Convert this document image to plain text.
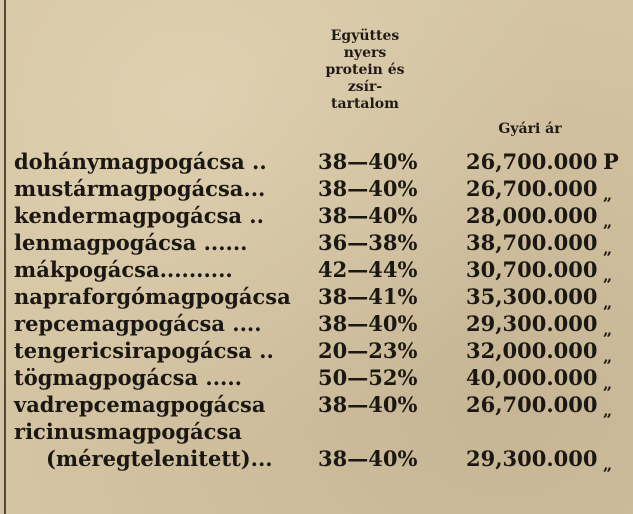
Együttes
nyers
protein és
zsír-
tartalom
Gyári ár
dohánymagpogácsa .. 38—40% 26,700.000 P
mustármagpogácsa...	38—40% 26,700.000 „
kendermagpogácsa ..	38—40% 28,000.000 „
lenmagpogácsa ......	36—38% 38,700.000 „
mákpogácsa..........	42—44% 30,700.000 „
napraforgómagpogácsa 38—41% 35,300.000 „
repcemagpogácsa ....	38—40% 29,300.000 „
tengericsirapogácsa .. 20—23% 32,000.000 „
tögmagpogácsa .....	50—52% 40,000.000 „
vadrepcemagpogácsa	38—40% 26,700.000 „
ricinusmagpogácsa
(méregtelenitett)... 38—40% 29,300.000 „
